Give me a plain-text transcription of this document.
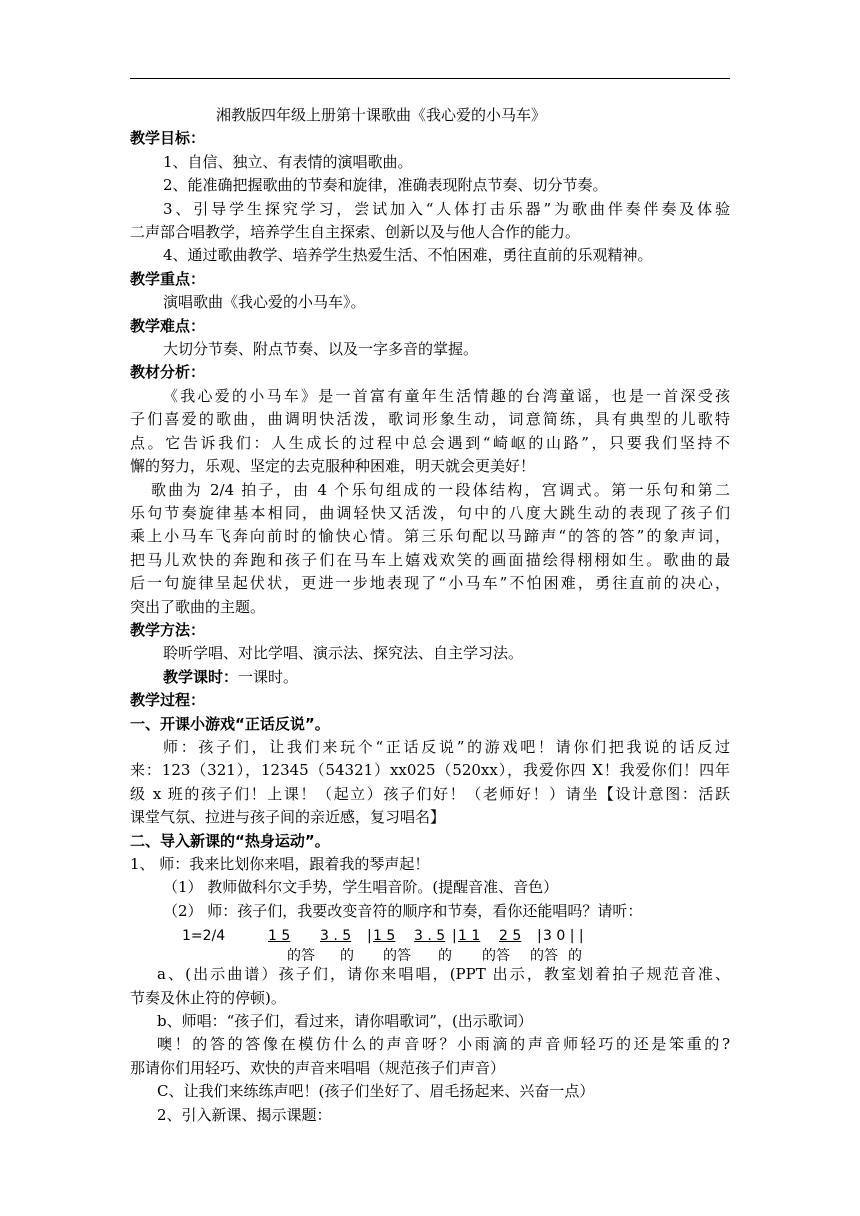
湘教版四年级上册第十课歌曲《我心爱的小马车》
教学目标：
1、自信、独立、有表情的演唱歌曲。
2、能准确把握歌曲的节奏和旋律，准确表现附点节奏、切分节奏。
3、引导学生探究学习，尝试加入“人体打击乐器”为歌曲伴奏伴奏及体验
二声部合唱教学，培养学生自主探索、创新以及与他人合作的能力。
4、通过歌曲教学、培养学生热爱生活、不怕困难，勇往直前的乐观精神。
教学重点：
演唱歌曲《我心爱的小马车》。
教学难点：
大切分节奏、附点节奏、以及一字多音的掌握。
教材分析：
《我心爱的小马车》是一首富有童年生活情趣的台湾童谣，也是一首深受孩
子们喜爱的歌曲，曲调明快活泼，歌词形象生动，词意简练，具有典型的儿歌特
点。它告诉我们：人生成长的过程中总会遇到“崎岖的山路”，只要我们坚持不
懈的努力，乐观、坚定的去克服种种困难，明天就会更美好！
歌曲为 2/4 拍子，由 4 个乐句组成的一段体结构，宫调式。第一乐句和第二
乐句节奏旋律基本相同，曲调轻快又活泼，句中的八度大跳生动的表现了孩子们
乘上小马车飞奔向前时的愉快心情。第三乐句配以马蹄声“的答的答”的象声词，
把马儿欢快的奔跑和孩子们在马车上嬉戏欢笑的画面描绘得栩栩如生。歌曲的最
后一句旋律呈起伏状，更进一步地表现了“小马车”不怕困难，勇往直前的决心，
突出了歌曲的主题。
教学方法：
聆听学唱、对比学唱、演示法、探究法、自主学习法。
教学课时：一课时。
教学过程：
一、开课小游戏“正话反说”。
师：孩子们，让我们来玩个“正话反说”的游戏吧！请你们把我说的话反过
来：123（321），12345（54321）xx025（520xx），我爱你四 X！我爱你们！四年
级 x 班的孩子们！上课！（起立）孩子们好！（老师好！）请坐【设计意图：活跃
课堂气氛、拉进与孩子间的亲近感，复习唱名】
二、导入新课的“热身运动”。
1、 师：我来比划你来唱，跟着我的琴声起！
（1） 教师做科尔文手势，学生唱音阶。(提醒音准、音色）
（2） 师：孩子们，我要改变音符的顺序和节奏，看你还能唱吗？请听：
1=2/4	1 5 3 . 5 | 1 5 3 . 5 | 1 1 2 5 | 3 0 | |
的答 的 的答 的 的答 的答 的
a、(出示曲谱）孩子们，请你来唱唱，(PPT 出示，教室划着拍子规范音准、
节奏及休止符的停顿)。
b、师唱：“孩子们，看过来，请你唱歌词”，(出示歌词）
噢！的答的答像在模仿什么的声音呀？小雨滴的声音师轻巧的还是笨重的?
那请你们用轻巧、欢快的声音来唱唱（规范孩子们声音）
C、让我们来练练声吧！(孩子们坐好了、眉毛扬起来、兴奋一点）
2、引入新课、揭示课题：
